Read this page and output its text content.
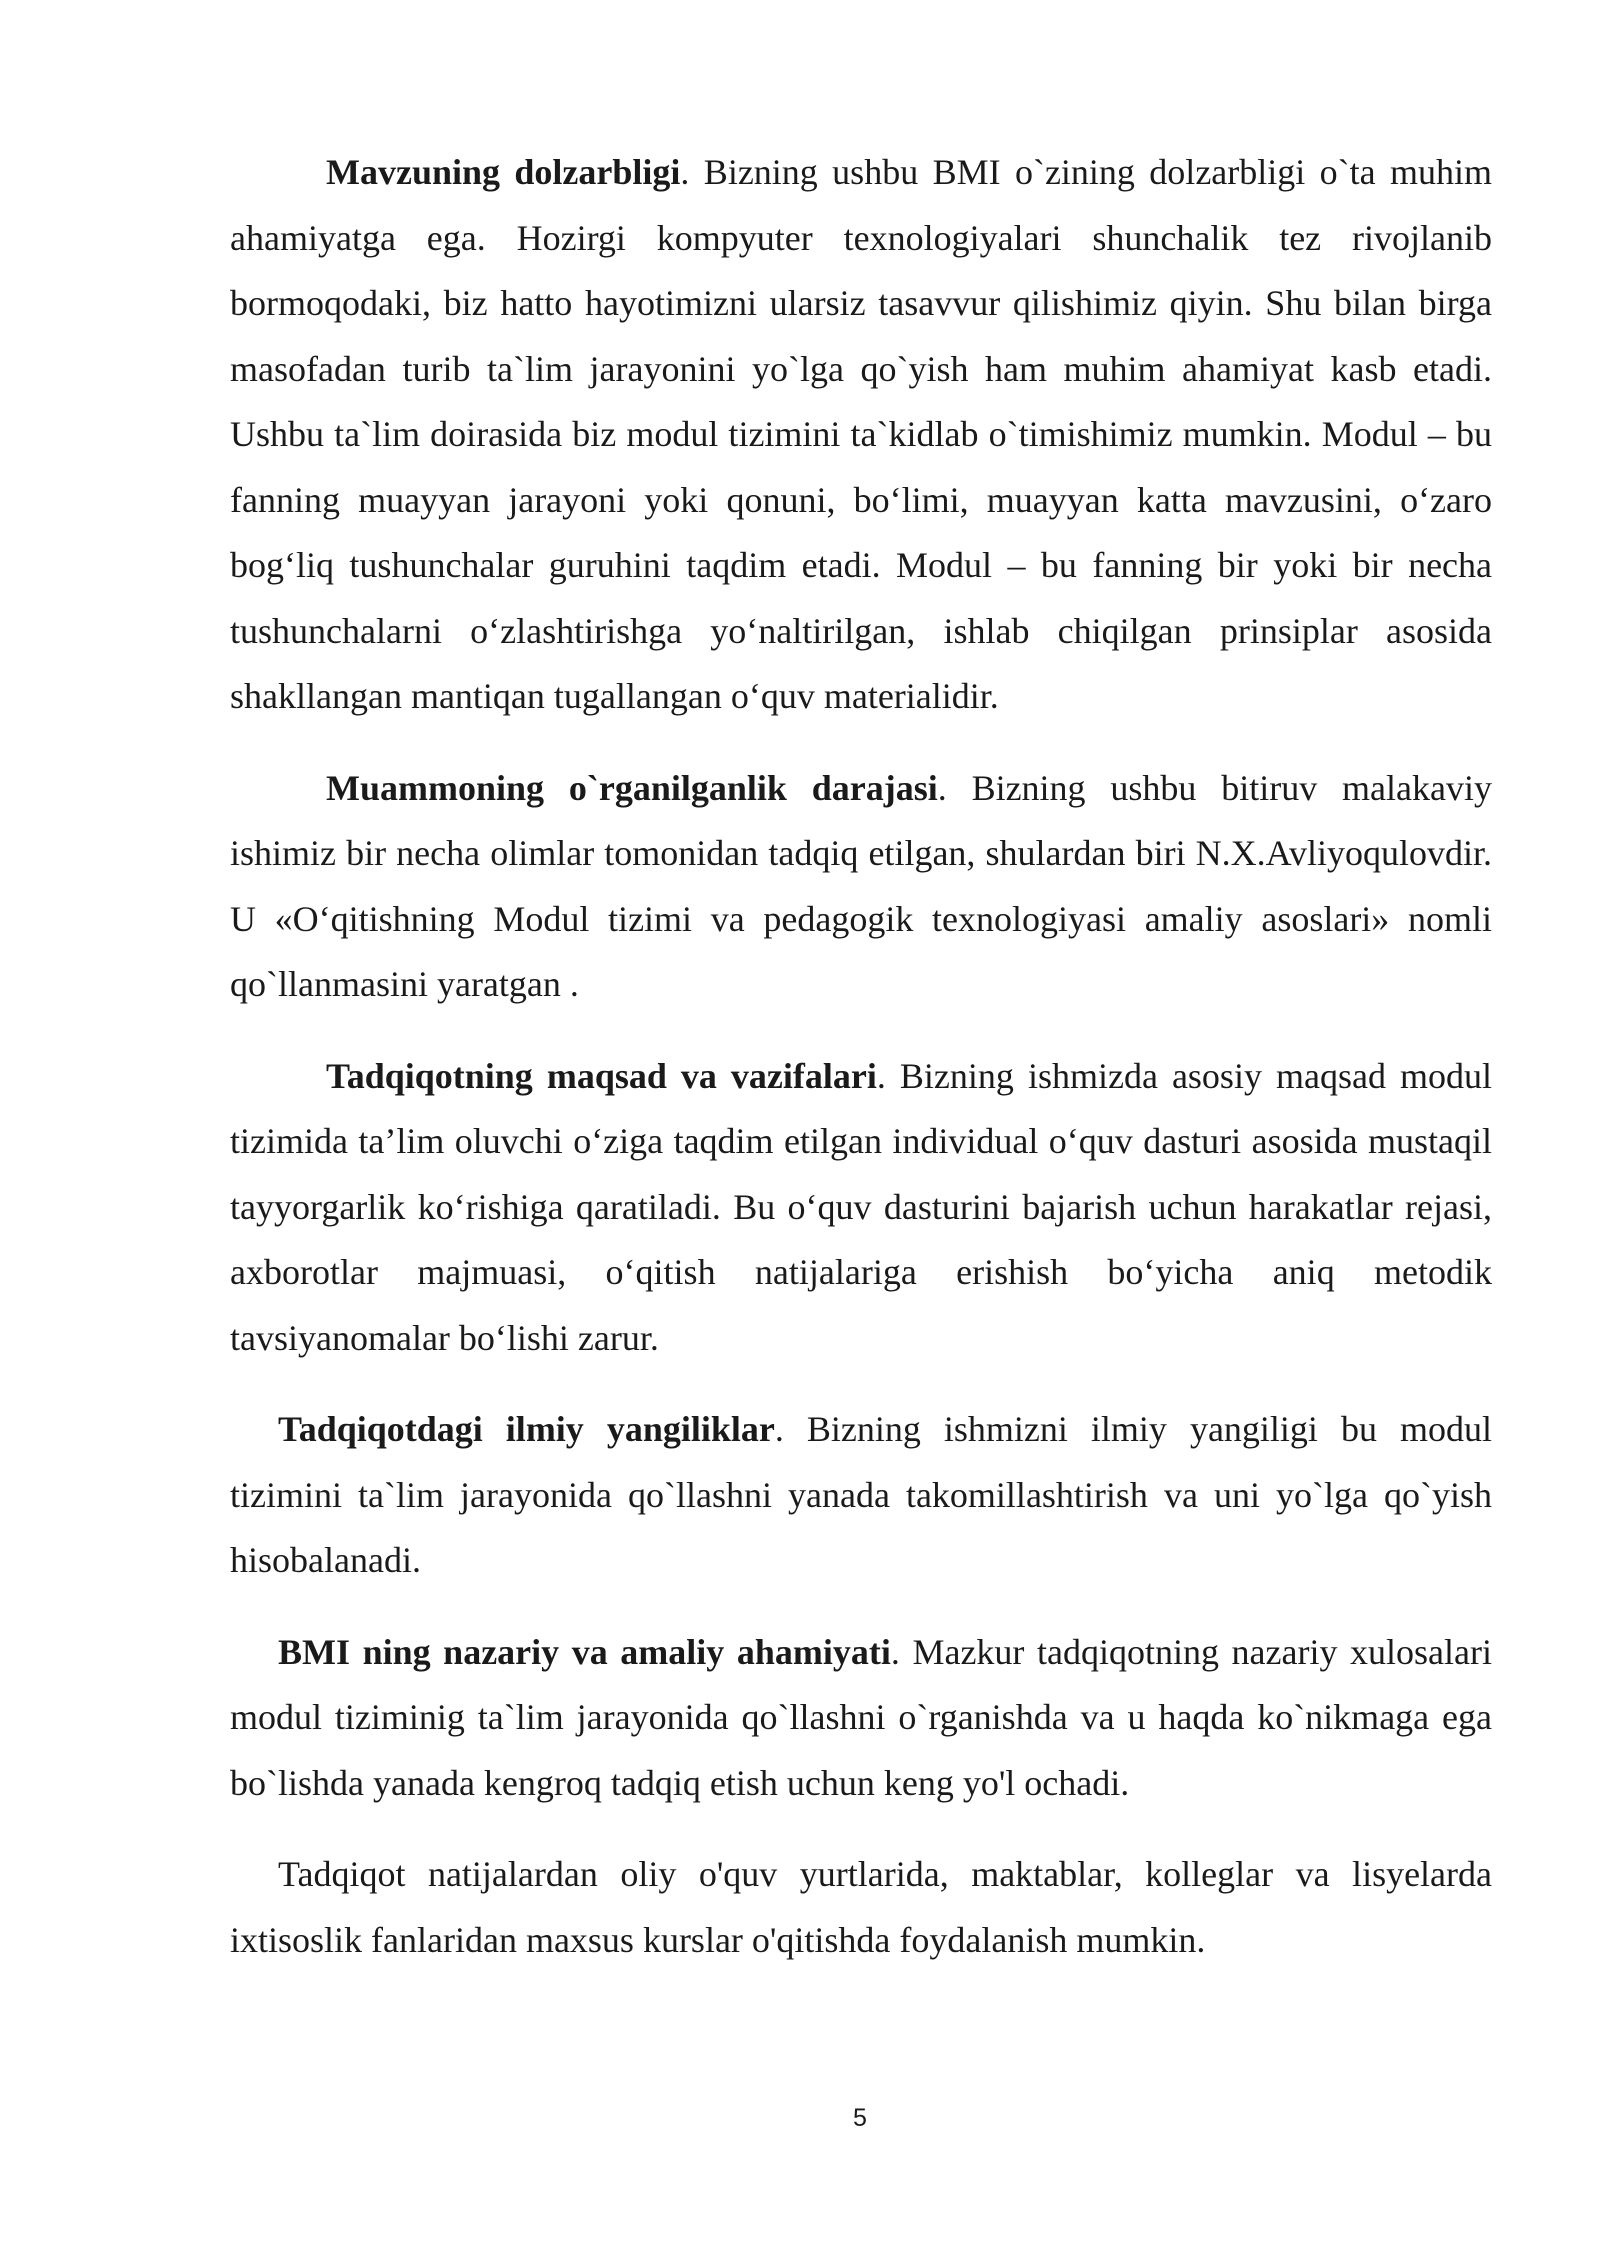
Mavzuning dolzarbligi. Bizning ushbu BMI o`zining dolzarbligi o`ta muhim ahamiyatga ega. Hozirgi kompyuter texnologiyalari shunchalik tez rivojlanib bormoqodaki, biz hatto hayotimizni ularsiz tasavvur qilishimiz qiyin. Shu bilan birga masofadan turib ta`lim jarayonini yo`lga qo`yish ham muhim ahamiyat kasb etadi. Ushbu ta`lim doirasida biz modul tizimini ta`kidlab o`timishimiz mumkin. Modul – bu fanning muayyan jarayoni yoki qonuni, bo‘limi, muayyan katta mavzusini, o‘zaro bog‘liq tushunchalar guruhini taqdim etadi. Modul – bu fanning bir yoki bir necha tushunchalarni o‘zlashtirishga yo‘naltirilgan, ishlab chiqilgan prinsiplar asosida shakllangan mantiqan tugallangan o‘quv materialidir.

Muammoning o`rganilganlik darajasi. Bizning ushbu bitiruv malakaviy ishimiz bir necha olimlar tomonidan tadqiq etilgan, shulardan biri N.X.Avliyoqulovdir. U «O‘qitishning Modul tizimi va pedagogik texnologiyasi amaliy asoslari» nomli qo`llanmasini yaratgan .

Tadqiqotning maqsad va vazifalari. Bizning ishmizda asosiy maqsad modul tizimida ta’lim oluvchi o‘ziga taqdim etilgan individual o‘quv dasturi asosida mustaqil tayyorgarlik ko‘rishiga qaratiladi. Bu o‘quv dasturini bajarish uchun harakatlar rejasi, axborotlar majmuasi, o‘qitish natijalariga erishish bo‘yicha aniq metodik tavsiyanomalar bo‘lishi zarur.

Tadqiqotdagi ilmiy yangiliklar. Bizning ishmizni ilmiy yangiligi bu modul tizimini ta`lim jarayonida qo`llashni yanada takomillashtirish va uni yo`lga qo`yish hisobalanadi.

BMI ning nazariy va amaliy ahamiyati. Mazkur tadqiqotning nazariy xulosalari modul tiziminig ta`lim jarayonida qo`llashni o`rganishda va u haqda ko`nikmaga ega bo`lishda yanada kengroq tadqiq etish uchun keng yo'l ochadi.

Tadqiqot natijalardan oliy o'quv yurtlarida, maktablar, kolleglar va lisyelarda ixtisoslik fanlaridan maxsus kurslar o'qitishda foydalanish mumkin.

5
